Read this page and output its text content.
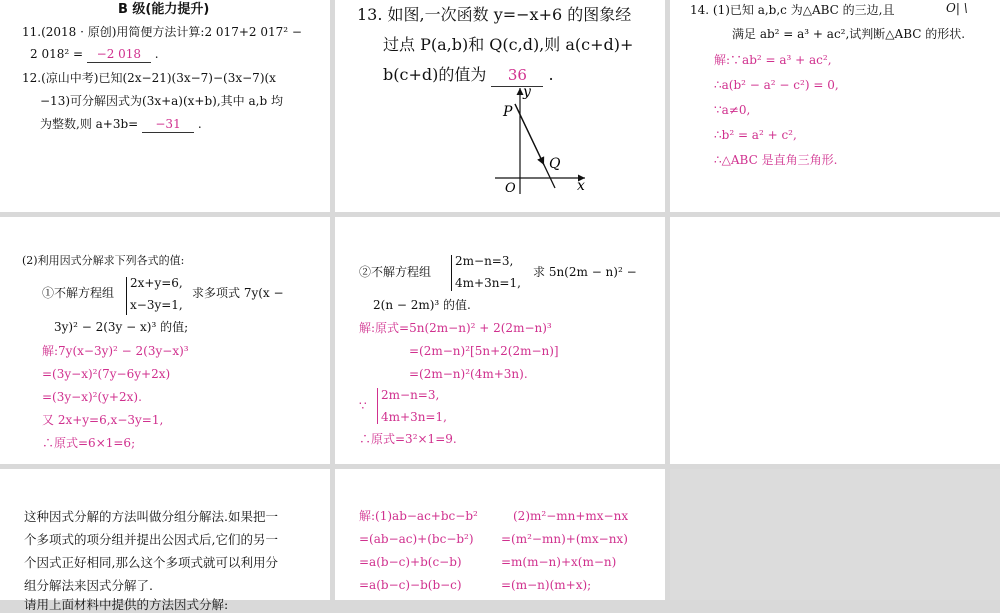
B 级(能力提升)
11.(2018 · 原创)用简便方法计算:2 017+2 017² −
2 018² = −2 018 .
12.(凉山中考)已知(2x−21)(3x−7)−(3x−7)(x
−13)可分解因式为(3x+a)(x+b),其中 a,b 均
为整数,则 a+3b= −31 .
13. 如图,一次函数 y=−x+6 的图象经
过点 P(a,b)和 Q(c,d),则 a(c+d)+
b(c+d)的值为 36 .
y
x
O
P
Q
14. (1)已知 a,b,c 为△ABC 的三边,且	O| \
满足 ab² = a³ + ac²,试判断△ABC 的形状.
解:∵ab² = a³ + ac²,
∴a(b² − a² − c²) = 0,
∵a≠0,
∴b² = a² + c²,
∴△ABC 是直角三角形.
(2)利用因式分解求下列各式的值:
①不解方程组
2x+y=6,
x−3y=1,
求多项式 7y(x −
3y)² − 2(3y − x)³ 的值;
解:7y(x−3y)² − 2(3y−x)³
=(3y−x)²(7y−6y+2x)
=(3y−x)²(y+2x).
又 2x+y=6,x−3y=1,
∴原式=6×1=6;
②不解方程组
2m−n=3,
4m+3n=1,
求 5n(2m − n)² −
2(n − 2m)³ 的值.
解:原式=5n(2m−n)² + 2(2m−n)³
=(2m−n)²[5n+2(2m−n)]
=(2m−n)²(4m+3n).
∵
2m−n=3,
4m+3n=1,
∴原式=3²×1=9.
这种因式分解的方法叫做分组分解法.如果把一
个多项式的项分组并提出公因式后,它们的另一
个因式正好相同,那么这个多项式就可以利用分
组分解法来因式分解了.
请用上面材料中提供的方法因式分解:
解:(1)ab−ac+bc−b²
=(ab−ac)+(bc−b²)
=a(b−c)+b(c−b)
=a(b−c)−b(b−c)
(2)m²−mn+mx−nx
=(m²−mn)+(mx−nx)
=m(m−n)+x(m−n)
=(m−n)(m+x);
